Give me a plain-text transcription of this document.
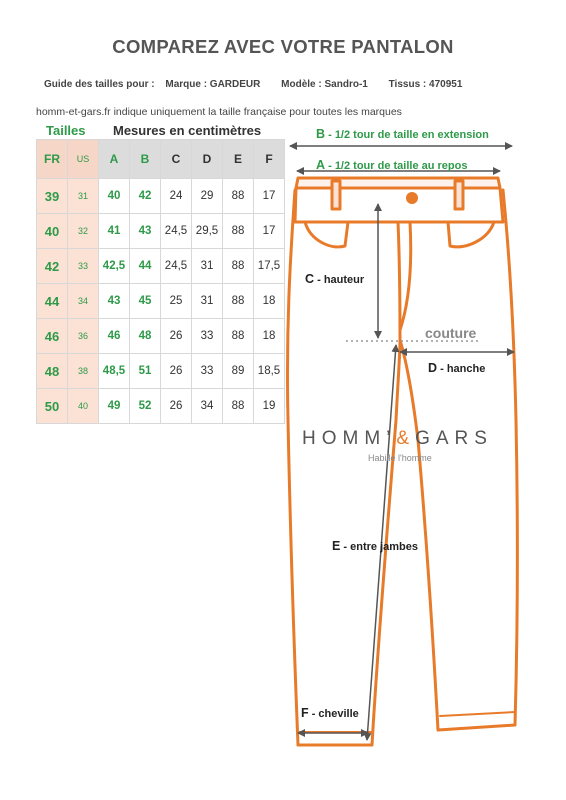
COMPAREZ AVEC VOTRE PANTALON
Guide des tailles pour : Marque : GARDEUR Modèle : Sandro-1 Tissus : 470951
homm-et-gars.fr indique uniquement la taille française pour toutes les marques
Tailles Mesures en centimètres
FR	US	A	B	C	D	E	F
39	31	40	42	24	29	88	17
40	32	41	43	24,5	29,5	88	17
42	33	42,5	44	24,5	31	88	17,5
44	34	43	45	25	31	88	18
46	36	46	48	26	33	88	18
48	38	48,5	51	26	33	89	18,5
50	40	49	52	26	34	88	19
B - 1/2 tour de taille en extension
A - 1/2 tour de taille au repos
C - hauteur
couture
D - hanche
E - entre jambes
F - cheville
HOMM’&GARS
Habille l'homme
